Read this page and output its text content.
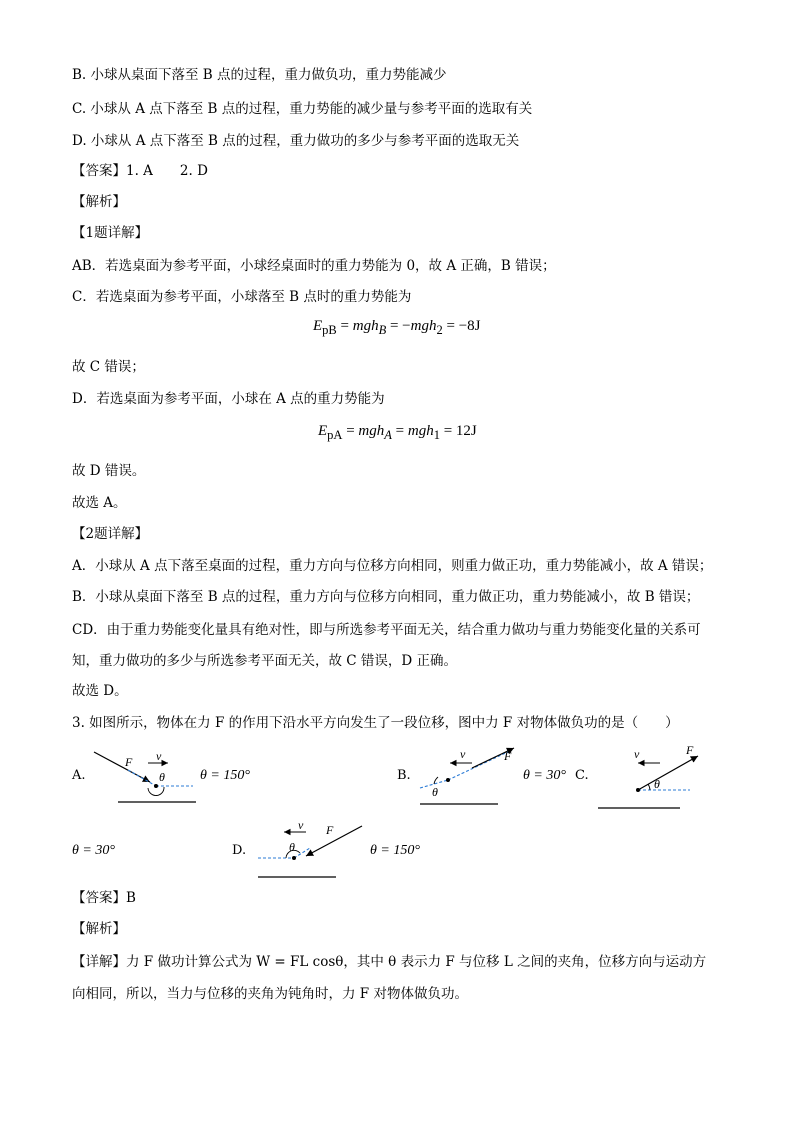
B. 小球从桌面下落至 B 点的过程，重力做负功，重力势能减少
C. 小球从 A 点下落至 B 点的过程，重力势能的减少量与参考平面的选取有关
D. 小球从 A 点下落至 B 点的过程，重力做功的多少与参考平面的选取无关
【答案】1. A　　2. D
【解析】
【1题详解】
AB．若选桌面为参考平面，小球经桌面时的重力势能为 0，故 A 正确，B 错误；
C．若选桌面为参考平面，小球落至 B 点时的重力势能为
$E_{pB} = mgh_B = -mgh_2 = -8J$
故 C 错误；
D．若选桌面为参考平面，小球在 A 点的重力势能为
$E_{pA} = mgh_A = mgh_1 = 12J$
故 D 错误。
故选 A。
【2题详解】
A．小球从 A 点下落至桌面的过程，重力方向与位移方向相同，则重力做正功，重力势能减小，故 A 错误；
B．小球从桌面下落至 B 点的过程，重力方向与位移方向相同，重力做正功，重力势能减小，故 B 错误；
CD．由于重力势能变化量具有绝对性，即与所选参考平面无关，结合重力做功与重力势能变化量的关系可
知，重力做功的多少与所选参考平面无关，故 C 错误，D 正确。
故选 D。
3. 如图所示，物体在力 F 的作用下沿水平方向发生了一段位移，图中力 F 对物体做负功的是（　　）
A.
F v
θ	θ = 150°	B.
v	F
θ
θ = 30° C.
v	F
θ
θ = 30°	D.
v F
θ	θ = 150°
【答案】B
【解析】
【详解】力 F 做功计算公式为 W = FL cosθ，其中 θ 表示力 F 与位移 L 之间的夹角，位移方向与运动方
向相同，所以，当力与位移的夹角为钝角时，力 F 对物体做负功。
